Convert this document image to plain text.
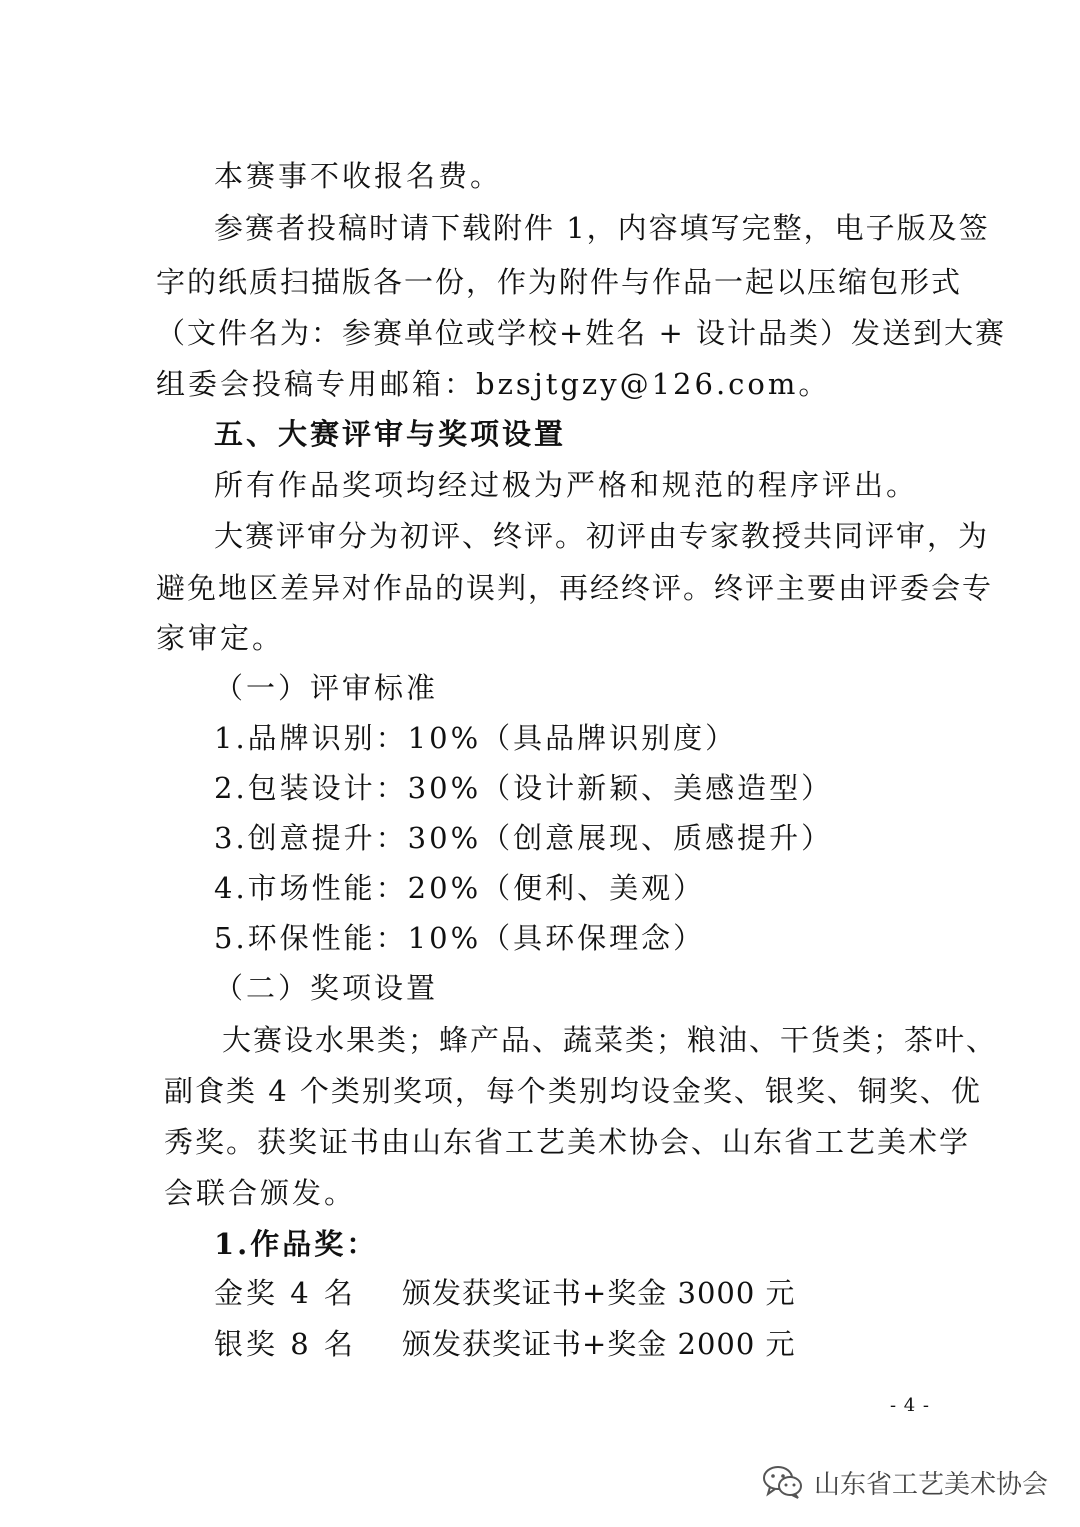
本赛事不收报名费。
参赛者投稿时请下载附件 1，内容填写完整，电子版及签
字的纸质扫描版各一份，作为附件与作品一起以压缩包形式
（文件名为：参赛单位或学校+姓名 + 设计品类）发送到大赛
组委会投稿专用邮箱：bzsjtgzy@126.com。
五、大赛评审与奖项设置
所有作品奖项均经过极为严格和规范的程序评出。
大赛评审分为初评、终评。初评由专家教授共同评审，为
避免地区差异对作品的误判，再经终评。终评主要由评委会专
家审定。
（一）评审标准
1.品牌识别：10%（具品牌识别度）
2.包装设计：30%（设计新颖、美感造型）
3.创意提升：30%（创意展现、质感提升）
4.市场性能：20%（便利、美观）
5.环保性能：10%（具环保理念）
（二）奖项设置
大赛设水果类；蜂产品、蔬菜类；粮油、干货类；茶叶、
副食类 4 个类别奖项，每个类别均设金奖、银奖、铜奖、优
秀奖。获奖证书由山东省工艺美术协会、山东省工艺美术学
会联合颁发。
1.作品奖：
金奖 4 名 颁发获奖证书+奖金 3000 元
银奖 8 名 颁发获奖证书+奖金 2000 元
- 4 -
山东省工艺美术协会
